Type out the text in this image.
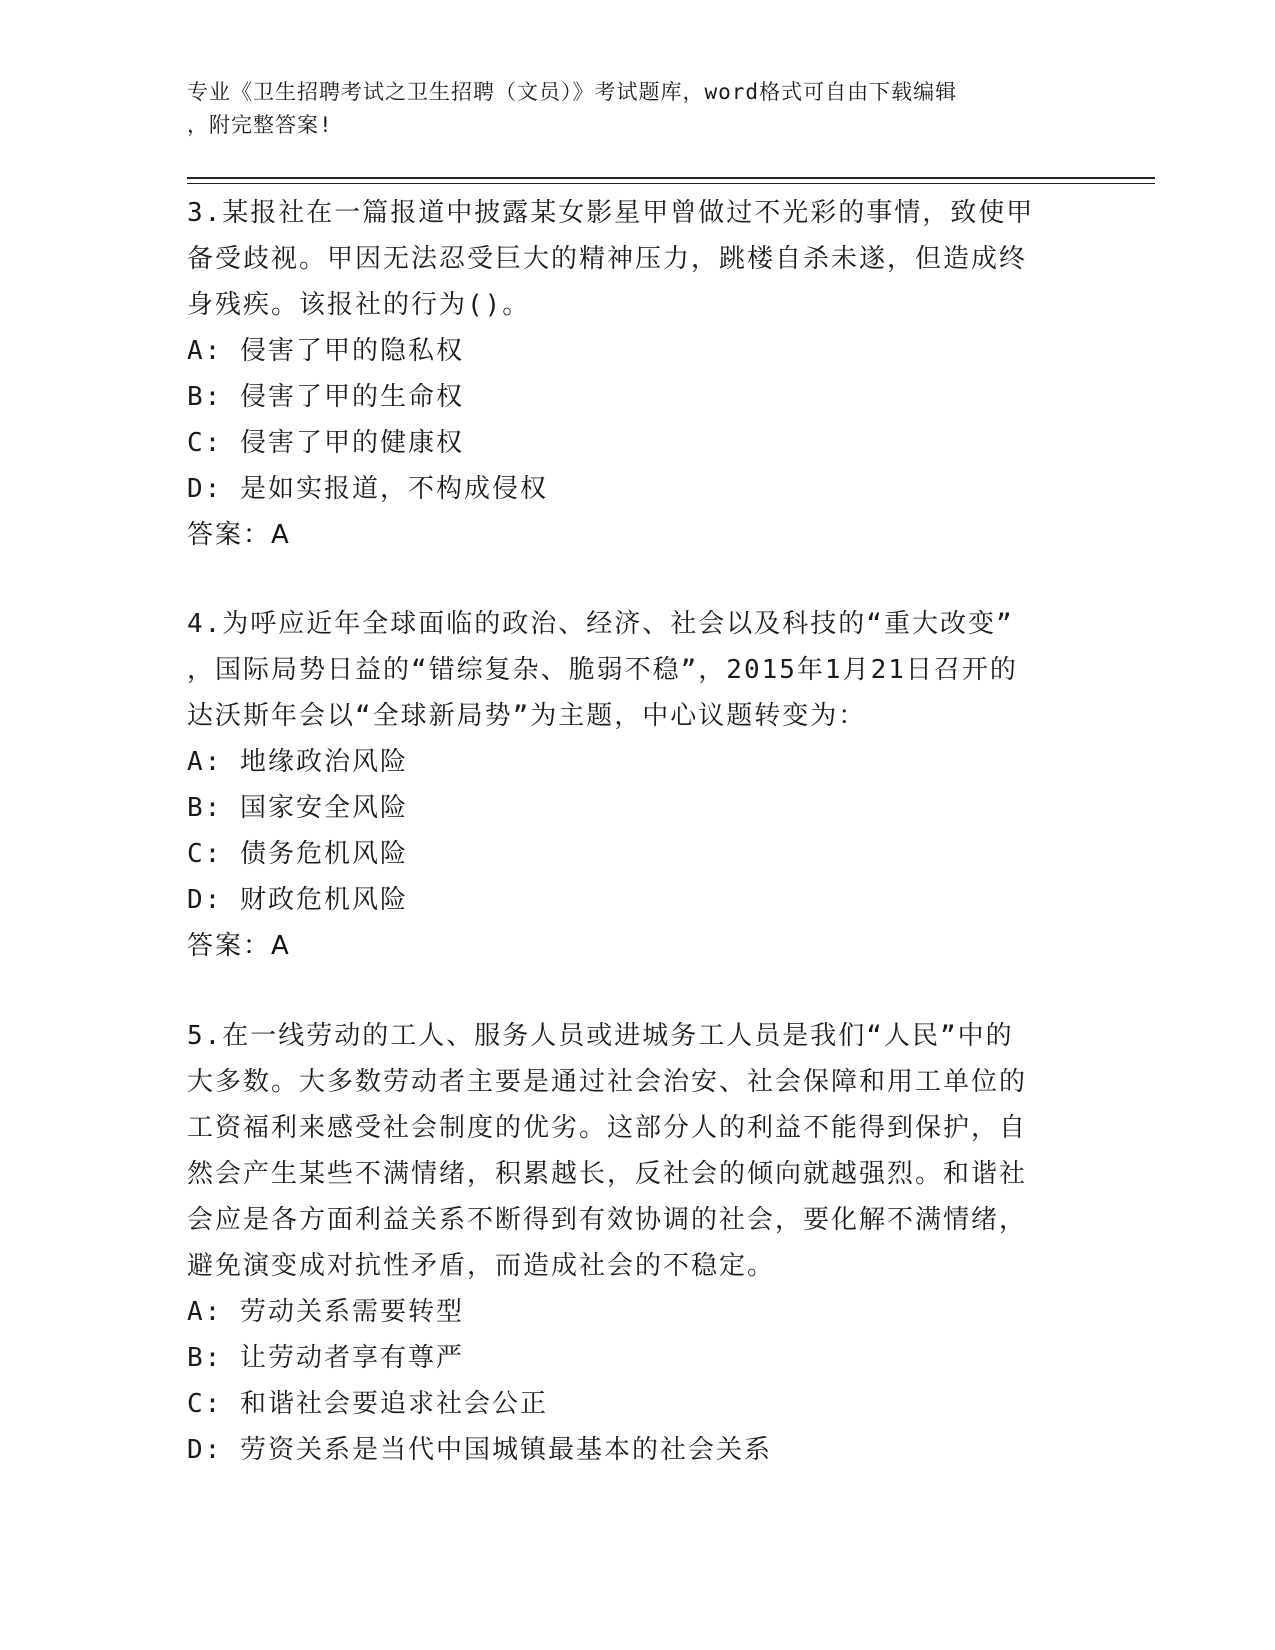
专业《卫生招聘考试之卫生招聘（文员）》考试题库，word格式可自由下载编辑
，附完整答案!
3.某报社在一篇报道中披露某女影星甲曾做过不光彩的事情，致使甲
备受歧视。甲因无法忍受巨大的精神压力，跳楼自杀未遂，但造成终
身残疾。该报社的行为()。
A: 侵害了甲的隐私权
B: 侵害了甲的生命权
C: 侵害了甲的健康权
D: 是如实报道，不构成侵权
答案：A
4.为呼应近年全球面临的政治、经济、社会以及科技的“重大改变”
，国际局势日益的“错综复杂、脆弱不稳”，2015年1月21日召开的
达沃斯年会以“全球新局势”为主题，中心议题转变为：
A: 地缘政治风险
B: 国家安全风险
C: 债务危机风险
D: 财政危机风险
答案：A
5.在一线劳动的工人、服务人员或进城务工人员是我们“人民”中的
大多数。大多数劳动者主要是通过社会治安、社会保障和用工单位的
工资福利来感受社会制度的优劣。这部分人的利益不能得到保护，自
然会产生某些不满情绪，积累越长，反社会的倾向就越强烈。和谐社
会应是各方面利益关系不断得到有效协调的社会，要化解不满情绪，
避免演变成对抗性矛盾，而造成社会的不稳定。
A: 劳动关系需要转型
B: 让劳动者享有尊严
C: 和谐社会要追求社会公正
D: 劳资关系是当代中国城镇最基本的社会关系
